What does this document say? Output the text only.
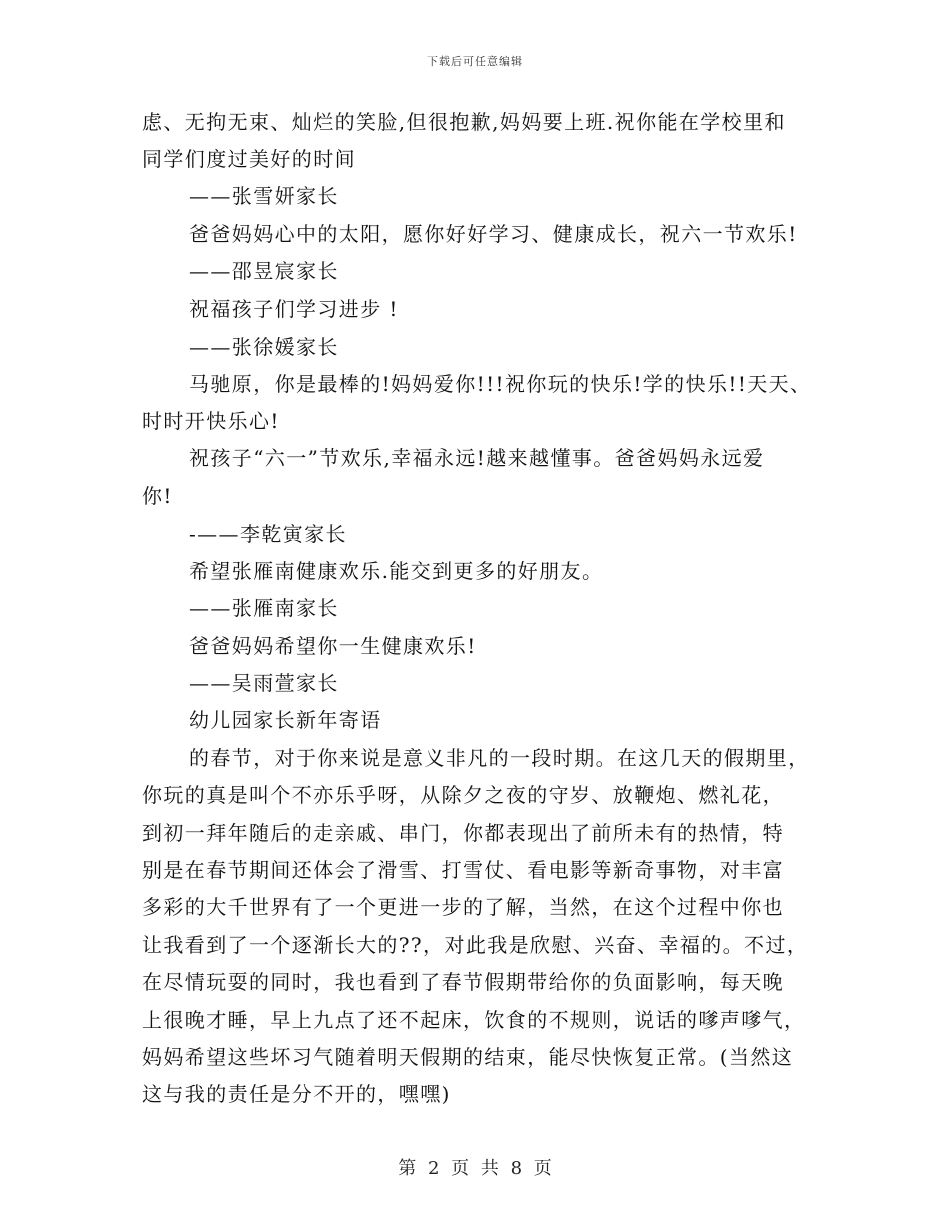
下载后可任意编辑
虑、无拘无束、灿烂的笑脸,但很抱歉,妈妈要上班.祝你能在学校里和
同学们度过美好的时间
——张雪妍家长
爸爸妈妈心中的太阳，愿你好好学习、健康成长，祝六一节欢乐!
——邵昱宸家长
祝福孩子们学习进步 !
——张徐媛家长
马驰原，你是最棒的!妈妈爱你!!!祝你玩的快乐!学的快乐!!天天、
时时开快乐心!
祝孩子“六一”节欢乐,幸福永远!越来越懂事。爸爸妈妈永远爱
你!
-——李乾寅家长
希望张雁南健康欢乐.能交到更多的好朋友。
——张雁南家长
爸爸妈妈希望你一生健康欢乐!
——吴雨萱家长
幼儿园家长新年寄语
的春节，对于你来说是意义非凡的一段时期。在这几天的假期里，
你玩的真是叫个不亦乐乎呀，从除夕之夜的守岁、放鞭炮、燃礼花，
到初一拜年随后的走亲戚、串门，你都表现出了前所未有的热情，特
别是在春节期间还体会了滑雪、打雪仗、看电影等新奇事物，对丰富
多彩的大千世界有了一个更进一步的了解，当然，在这个过程中你也
让我看到了一个逐渐长大的??，对此我是欣慰、兴奋、幸福的。不过，
在尽情玩耍的同时，我也看到了春节假期带给你的负面影响，每天晚
上很晚才睡，早上九点了还不起床，饮食的不规则，说话的嗲声嗲气，
妈妈希望这些坏习气随着明天假期的结束，能尽快恢复正常。(当然这
这与我的责任是分不开的，嘿嘿)
第 2 页 共 8 页
